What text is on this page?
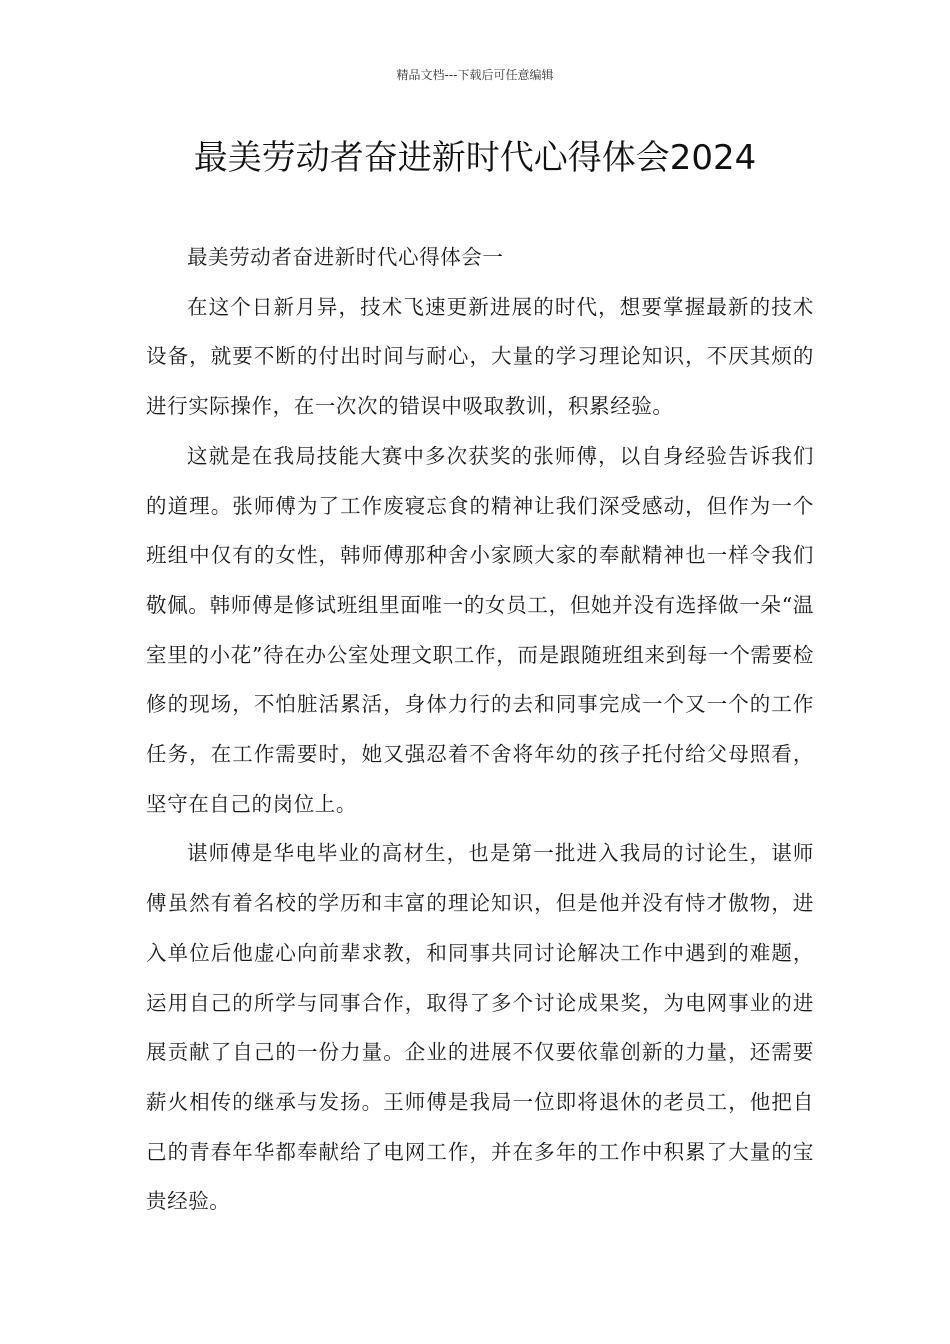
精品文档---下载后可任意编辑
最美劳动者奋进新时代心得体会2024

最美劳动者奋进新时代心得体会一

在这个日新月异，技术飞速更新进展的时代，想要掌握最新的技术设备，就要不断的付出时间与耐心，大量的学习理论知识，不厌其烦的进行实际操作，在一次次的错误中吸取教训，积累经验。

这就是在我局技能大赛中多次获奖的张师傅，以自身经验告诉我们的道理。张师傅为了工作废寝忘食的精神让我们深受感动，但作为一个班组中仅有的女性，韩师傅那种舍小家顾大家的奉献精神也一样令我们敬佩。韩师傅是修试班组里面唯一的女员工，但她并没有选择做一朵“温室里的小花”待在办公室处理文职工作，而是跟随班组来到每一个需要检修的现场，不怕脏活累活，身体力行的去和同事完成一个又一个的工作任务，在工作需要时，她又强忍着不舍将年幼的孩子托付给父母照看，坚守在自己的岗位上。

谌师傅是华电毕业的高材生，也是第一批进入我局的讨论生，谌师傅虽然有着名校的学历和丰富的理论知识，但是他并没有恃才傲物，进入单位后他虚心向前辈求教，和同事共同讨论解决工作中遇到的难题，运用自己的所学与同事合作，取得了多个讨论成果奖，为电网事业的进展贡献了自己的一份力量。企业的进展不仅要依靠创新的力量，还需要薪火相传的继承与发扬。王师傅是我局一位即将退休的老员工，他把自己的青春年华都奉献给了电网工作，并在多年的工作中积累了大量的宝贵经验。
